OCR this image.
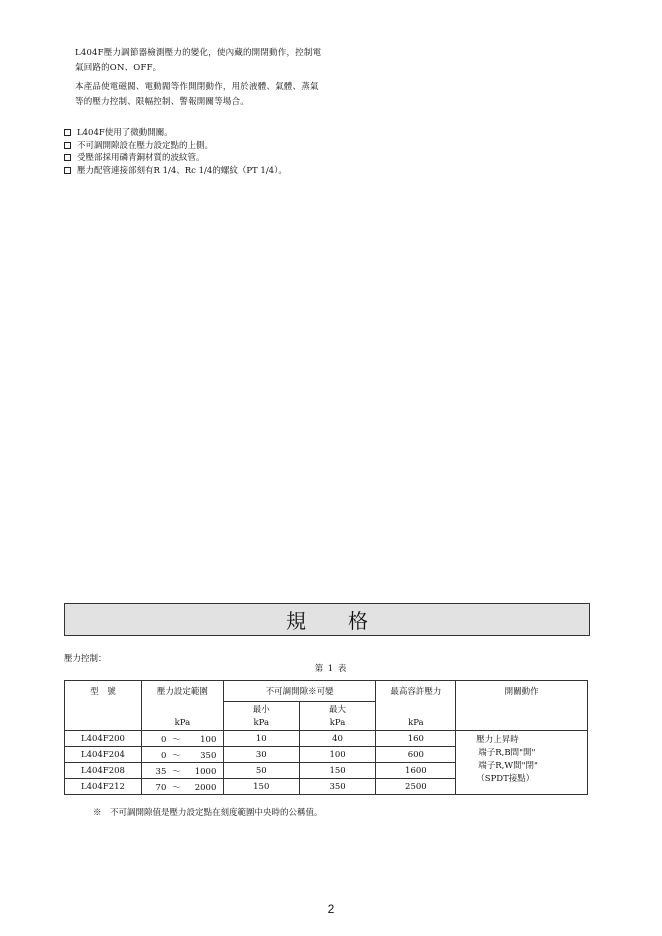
L404F壓力調節器檢測壓力的變化，使內藏的開閉動作，控制電氣回路的ON、OFF。

本產品使電磁閥、電動閥等作開閉動作，用於液體、氣體、蒸氣等的壓力控制、限幅控制、警報開關等場合。

L404F使用了微動開關。
不可調開隙設在壓力設定點的上側。
受壓部採用磷青銅材質的波紋管。
壓力配管連接部刻有R 1/4、Rc 1/4的螺紋（PT 1/4）。
規 格
壓力控制：
第 1 表
型　號	壓力設定範圍	不可調開隙※可變		最高容許壓力	開關動作
		最小	最大		
	kPa	kPa	kPa	kPa	
L404F200	0 ～ 100	10	40	160	壓力上昇時
端子R,B間"開"
端子R,W間"閉"
（SPDT接點）

L404F204	0 ～ 350	30	100	600	
L404F208	35 ～ 1000	50	150	1600	
L404F212	70 ～ 2000	150	350	2500	
※　不可調開隙值是壓力設定點在刻度範圍中央時的公稱值。
2
